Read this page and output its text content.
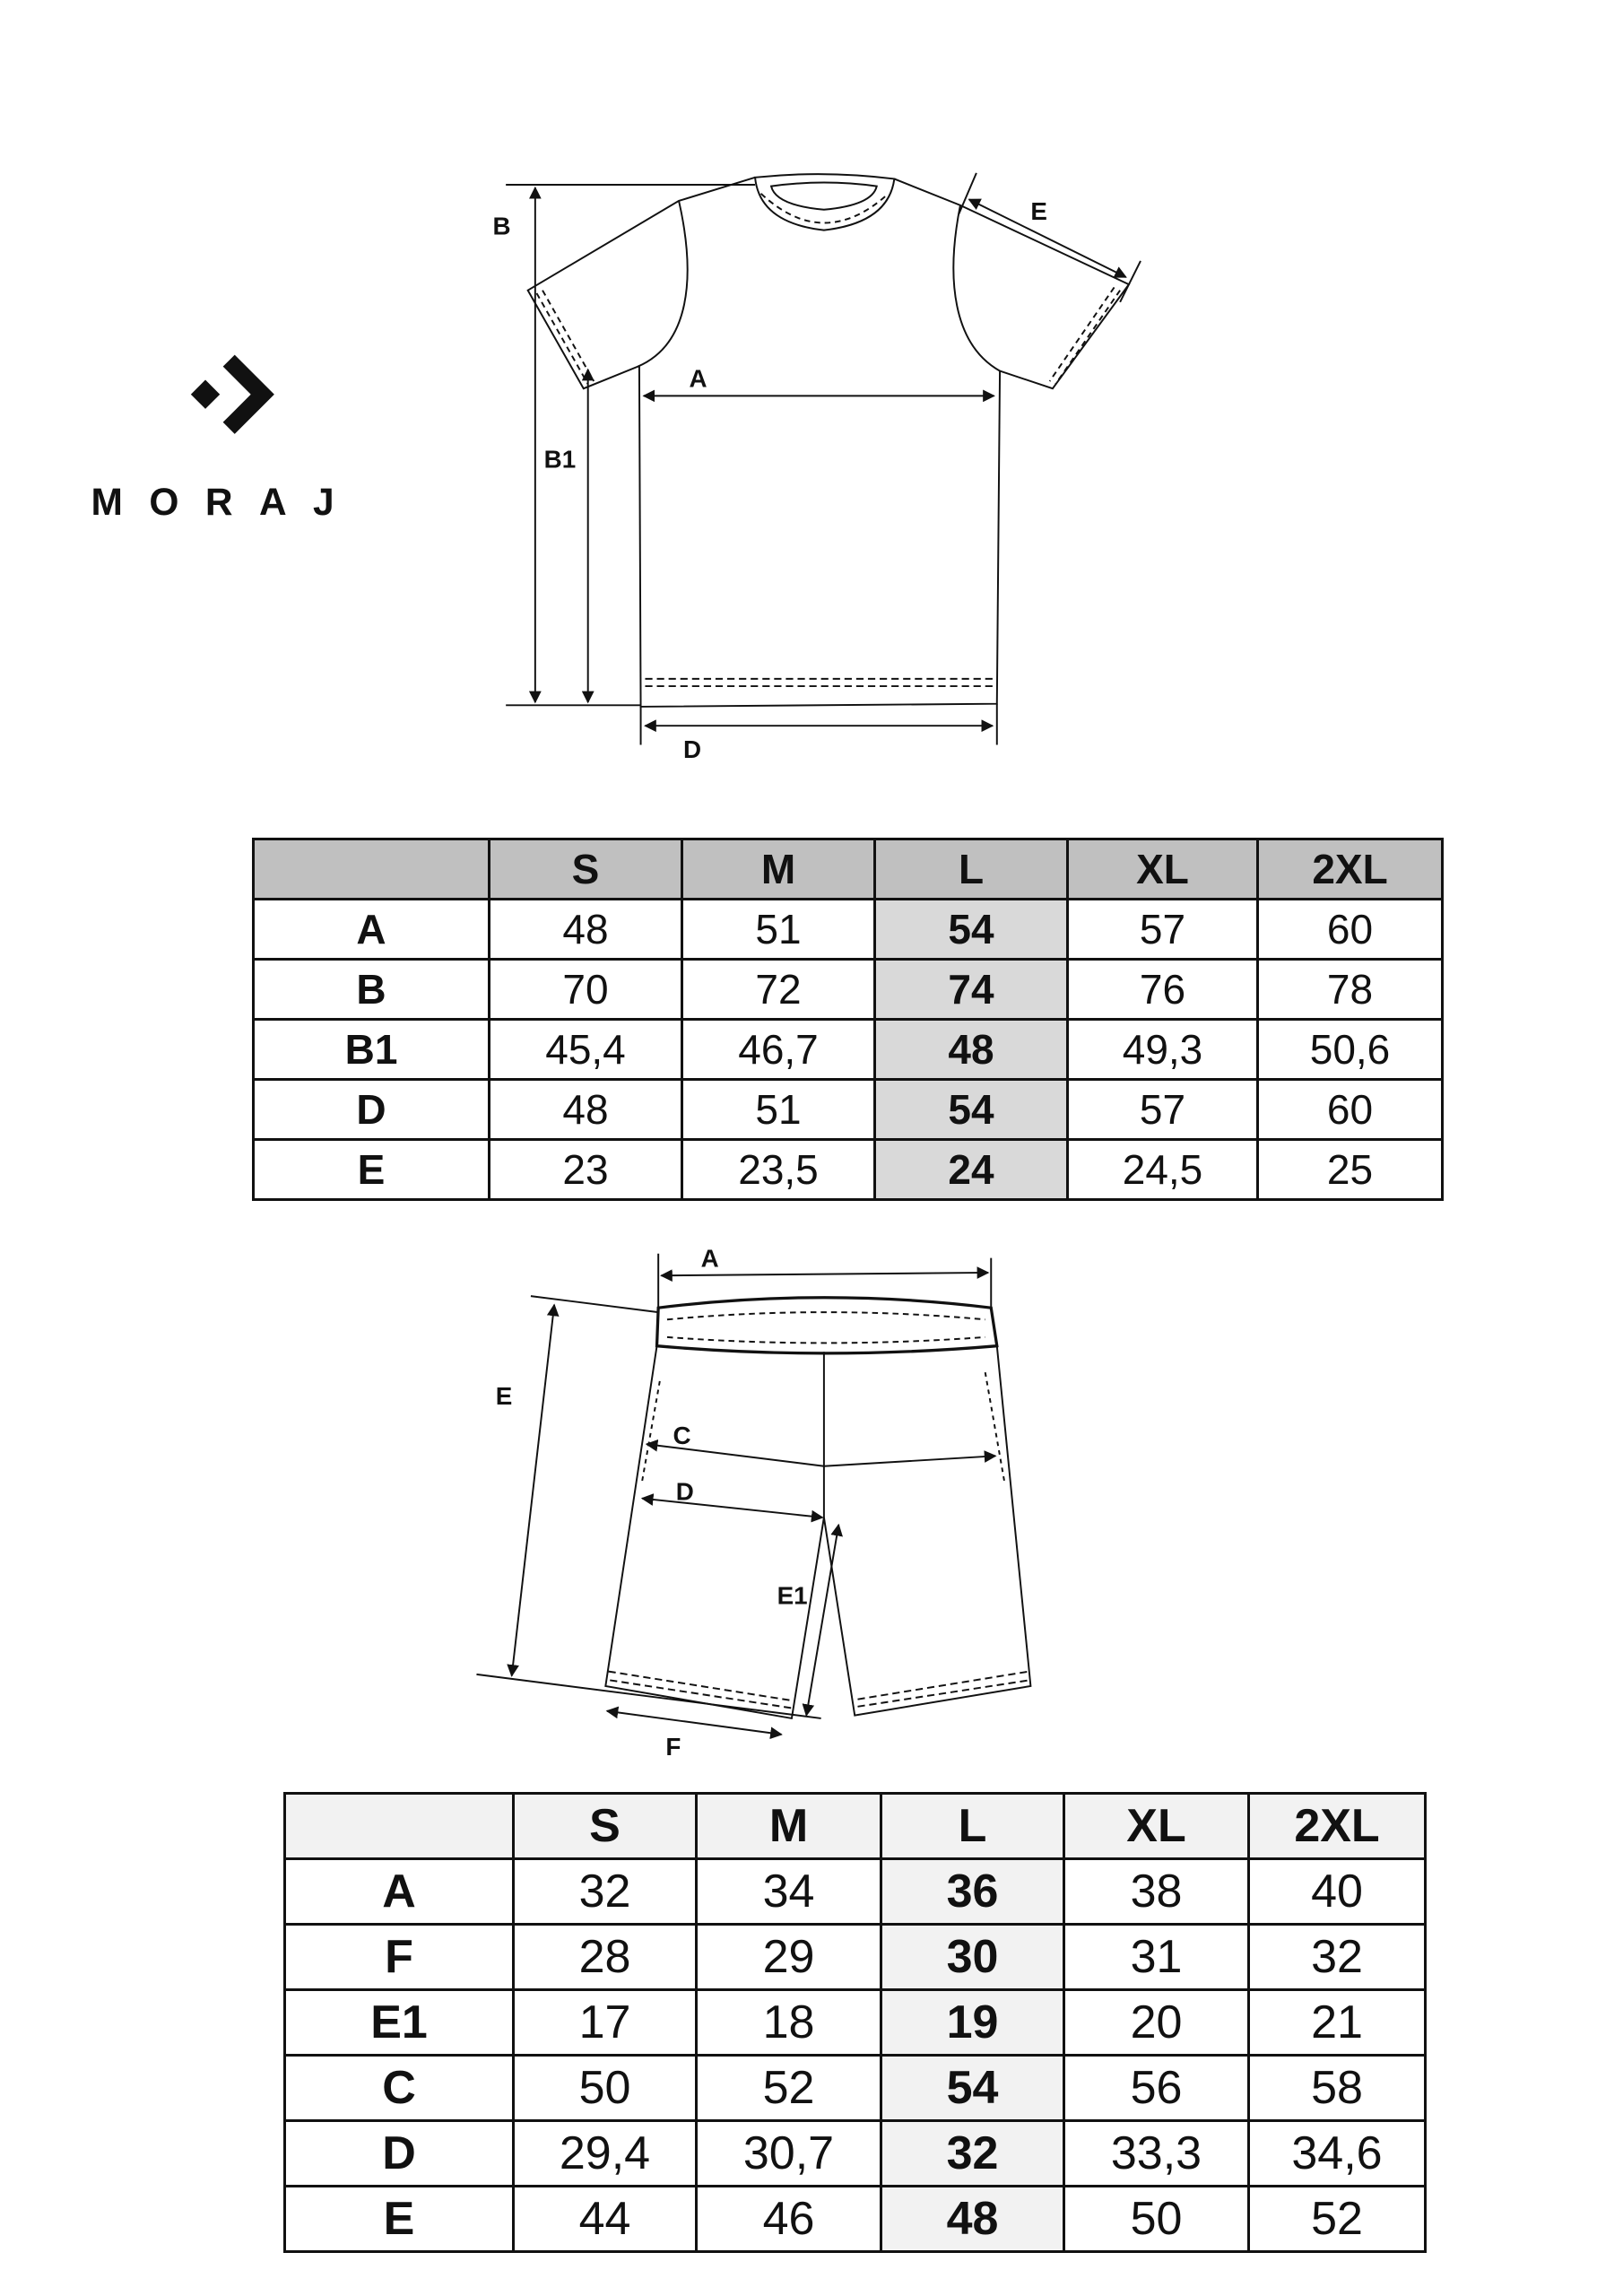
MORAJ
B
B1
A
D
E
A
E
C
D
E1
F
	S	M	L	XL	2XL
A	48	51	54	57	60
B	70	72	74	76	78
B1	45,4	46,7	48	49,3	50,6
D	48	51	54	57	60
E	23	23,5	24	24,5	25
	S	M	L	XL	2XL
A	32	34	36	38	40
F	28	29	30	31	32
E1	17	18	19	20	21
C	50	52	54	56	58
D	29,4	30,7	32	33,3	34,6
E	44	46	48	50	52
